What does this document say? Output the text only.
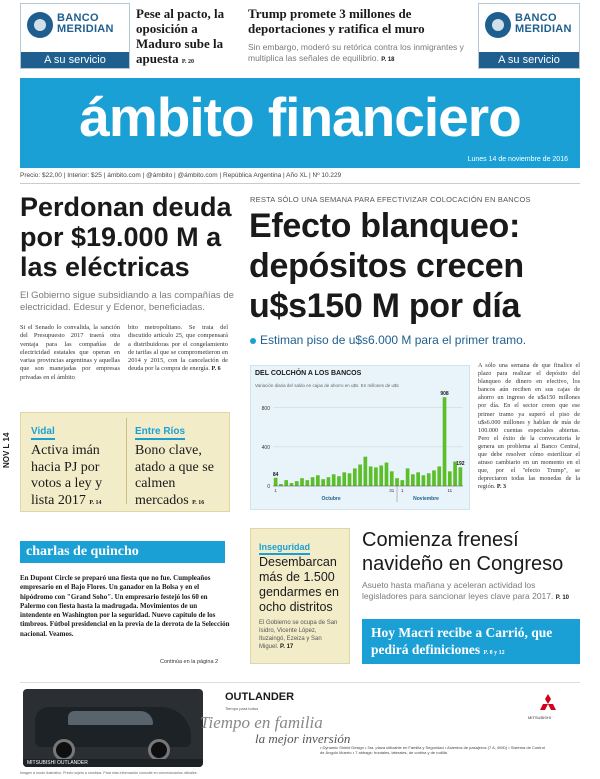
BANCO
MERIDIAN
A su servicio
Pese al pacto, la oposición a Maduro sube la apuesta P. 20
Trump promete 3 millones de deportaciones y ratifica el muro
Sin embargo, moderó su retórica contra los inmigrantes y multiplica las señales de equilibrio. P. 18
BANCO
MERIDIAN
A su servicio
ámbito financiero
Lunes 14 de noviembre de 2016
Precio: $22,00 | Interior: $25 | ámbito.com | @ámbito | @ámbito.com | República Argentina | Año XL | Nº 10.229
Perdonan deuda por $19.000 M a las eléctricas
El Gobierno sigue subsidiando a las compañías de electricidad. Edesur y Edenor, beneficiadas.
Si el Senado lo convalida, la sanción del Presupuesto 2017 traerá otra ventaja para las compañías de electricidad estatales que operan en varias provincias argentinas y aquellas que son manejadas por empresas privadas en el ámbito
bito metropolitano. Se trata del discutido artículo 25, que compensará a distribuidoras por el congelamiento de tarifas al que se comprometieron en 2014 y 2015, con la cancelación de deuda por la compra de energía. P. 6
NOV L 14
Vidal
Activa imán hacia PJ por votos a ley y lista 2017 P. 14
Entre Ríos
Bono clave, atado a que se calmen mercados P. 16
charlas de quincho
En Dupont Circle se preparó una fiesta que no fue. Cumpleaños empresario en el Bajo Flores. Un ganador en la Bolsa y en el hipódromo con "Grand Soho". Un empresario festejó los 60 en Palermo con fiesta hasta la madrugada. Movimientos de un intendente en Washington por la seguridad. Nuevo capítulo de los timbreos. Fútbol presidencial en la previa de la derrota de la Selección nacional. Veamos.
Continúa en la página 2
RESTA SÓLO UNA SEMANA PARA EFECTIVIZAR COLOCACIÓN EN BANCOS
Efecto blanqueo: depósitos crecen u$s150 M por día
Estiman piso de u$s6.000 M para el primer tramo.
DEL COLCHÓN A LOS BANCOS
Variación diaria del saldo en cajas de ahorro en u$s. En millones de u$s
0
400
800
84
908
192
1	31 1	11
Octubre	Noviembre
A sólo una semana de que finalice el plazo para realizar el depósito del blanqueo de dinero en efectivo, los bancos aún reciben en sus cajas de ahorro un ingreso de u$s150 millones por día. En el sector creen que ese primer tramo ya superó el piso de u$s6.000 millones y hablan de más de 100.000 cuentas especiales abiertas. Pero el éxito de la convocatoria le genera un problema al Banco Central, que debe resolver cómo esterilizar el atraso cambiario en un momento en el que, por el "efecto Trump", se depreciaron todas las monedas de la región. P. 3
Inseguridad
Desembarcan más de 1.500 gendarmes en ocho distritos
El Gobierno se ocupa de San Isidro, Vicente López, Ituzaingó, Ezeiza y San Miguel. P. 17
Comienza frenesí navideño en Congreso
Asueto hasta mañana y aceleran actividad los legisladores para sancionar leyes clave para 2017. P. 10
Hoy Macri recibe a Carrió, que pedirá definiciones P. 8 y 12
MITSUBISHI OUTLANDER
OUTLANDER
Tiempo para todos
Tiempo en familia
la mejor inversión
• Dynamic Shield Design • 3ra. plaza utilizable en Familia y Seguridad • Asientos de pasajeros (7 A, 4WD) • Sistema de Control de Ángulo Muerto • 7 airbags: frontales, laterales, de cortina y de rodilla
MITSUBISHI
Imagen a modo ilustrativo. Precio sujeto a cambios. Para más información consulte en concesionarios oficiales.
